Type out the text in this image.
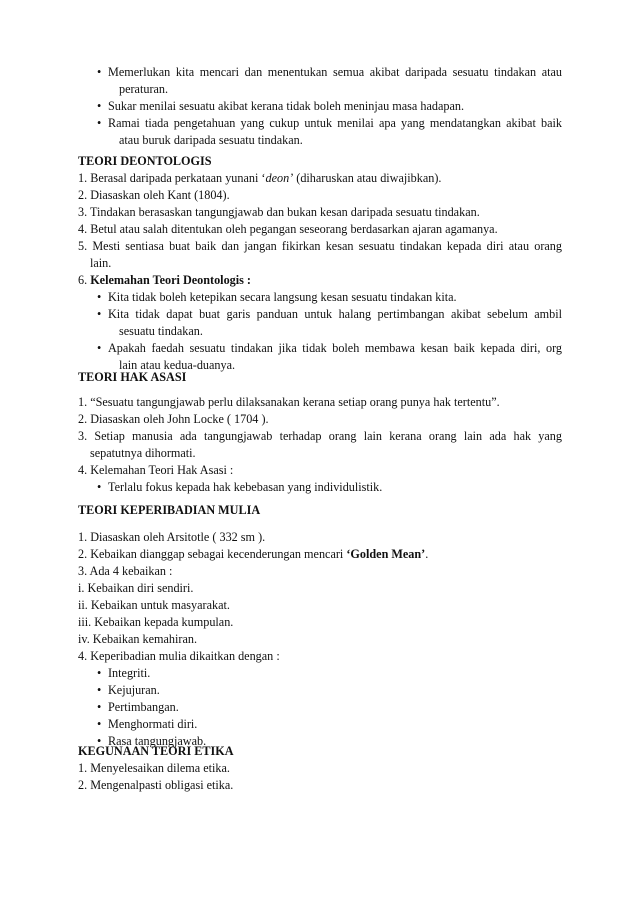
• Memerlukan kita mencari dan menentukan semua akibat daripada sesuatu tindakan atau
peraturan.
• Sukar menilai sesuatu akibat kerana tidak boleh meninjau masa hadapan.
• Ramai tiada pengetahuan yang cukup untuk menilai apa yang mendatangkan akibat baik
atau buruk daripada sesuatu tindakan.
TEORI DEONTOLOGIS
1. Berasal daripada perkataan yunani ‘deon’ (diharuskan atau diwajibkan).
2. Diasaskan oleh Kant (1804).
3. Tindakan berasaskan tangungjawab dan bukan kesan daripada sesuatu tindakan.
4. Betul atau salah ditentukan oleh pegangan seseorang berdasarkan ajaran agamanya.
5. Mesti sentiasa buat baik dan jangan fikirkan kesan sesuatu tindakan kepada diri atau orang
lain.
6. Kelemahan Teori Deontologis :
• Kita tidak boleh ketepikan secara langsung kesan sesuatu tindakan kita.
• Kita tidak dapat buat garis panduan untuk halang pertimbangan akibat sebelum ambil
sesuatu tindakan.
• Apakah faedah sesuatu tindakan jika tidak boleh membawa kesan baik kepada diri, org
lain atau kedua-duanya.
TEORI HAK ASASI
1. “Sesuatu tangungjawab perlu dilaksanakan kerana setiap orang punya hak tertentu”.
2. Diasaskan oleh John Locke ( 1704 ).
3. Setiap manusia ada tangungjawab terhadap orang lain kerana orang lain ada hak yang
sepatutnya dihormati.
4. Kelemahan Teori Hak Asasi :
• Terlalu fokus kepada hak kebebasan yang individulistik.
TEORI KEPERIBADIAN MULIA
1. Diasaskan oleh Arsitotle ( 332 sm ).
2. Kebaikan dianggap sebagai kecenderungan mencari ‘Golden Mean’.
3. Ada 4 kebaikan :
i. Kebaikan diri sendiri.
ii. Kebaikan untuk masyarakat.
iii. Kebaikan kepada kumpulan.
iv. Kebaikan kemahiran.
4. Keperibadian mulia dikaitkan dengan :
• Integriti.
• Kejujuran.
• Pertimbangan.
• Menghormati diri.
• Rasa tangungjawab.
KEGUNAAN TEORI ETIKA
1. Menyelesaikan dilema etika.
2. Mengenalpasti obligasi etika.
